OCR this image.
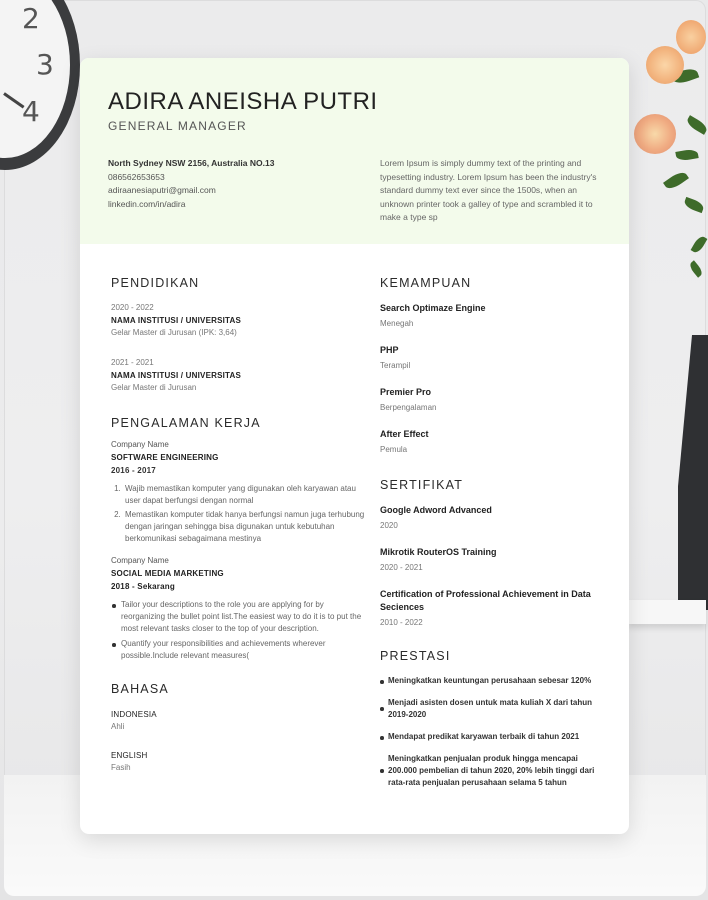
2
3
4	ADIRA ANEISHA PUTRI
GENERAL MANAGER
North Sydney NSW 2156, Australia NO.13
086562653653
adiraanesiaputri@gmail.com
linkedin.com/in/adira
Lorem Ipsum is simply dummy text of the printing and typesetting industry. Lorem Ipsum has been the industry's standard dummy text ever since the 1500s, when an unknown printer took a galley of type and scrambled it to make a type sp
PENDIDIKAN
2020 - 2022
NAMA INSTITUSI / UNIVERSITAS
Gelar Master di Jurusan (IPK: 3,64)
2021 - 2021
NAMA INSTITUSI / UNIVERSITAS
Gelar Master di Jurusan
PENGALAMAN KERJA
Company Name
SOFTWARE ENGINEERING
2016 - 2017
1. Wajib memastikan komputer yang digunakan oleh karyawan atau user dapat berfungsi dengan normal
2. Memastikan komputer tidak hanya berfungsi namun juga terhubung dengan jaringan sehingga bisa digunakan untuk kebutuhan berkomunikasi sebagaimana mestinya
Company Name
SOCIAL MEDIA MARKETING
2018 - Sekarang
Tailor your descriptions to the role you are applying for by reorganizing the bullet point list.The easiest way to do it is to put the most relevant tasks closer to the top of your description.
Quantify your responsibilities and achievements wherever possible.Include relevant measures(
BAHASA
INDONESIA
Ahli
ENGLISH
Fasih
KEMAMPUAN
Search Optimaze Engine
Menegah
PHP
Terampil
Premier Pro
Berpengalaman
After Effect
Pemula
SERTIFIKAT
Google Adword Advanced
2020
Mikrotik RouterOS Training
2020 - 2021
Certification of Professional Achievement in Data Seciences
2010 - 2022
PRESTASI
Meningkatkan keuntungan perusahaan sebesar 120%
Menjadi asisten dosen untuk mata kuliah X dari tahun 2019-2020
Mendapat predikat karyawan terbaik di tahun 2021
Meningkatkan penjualan produk hingga mencapai 200.000 pembelian di tahun 2020, 20% lebih tinggi dari rata-rata penjualan perusahaan selama 5 tahun
